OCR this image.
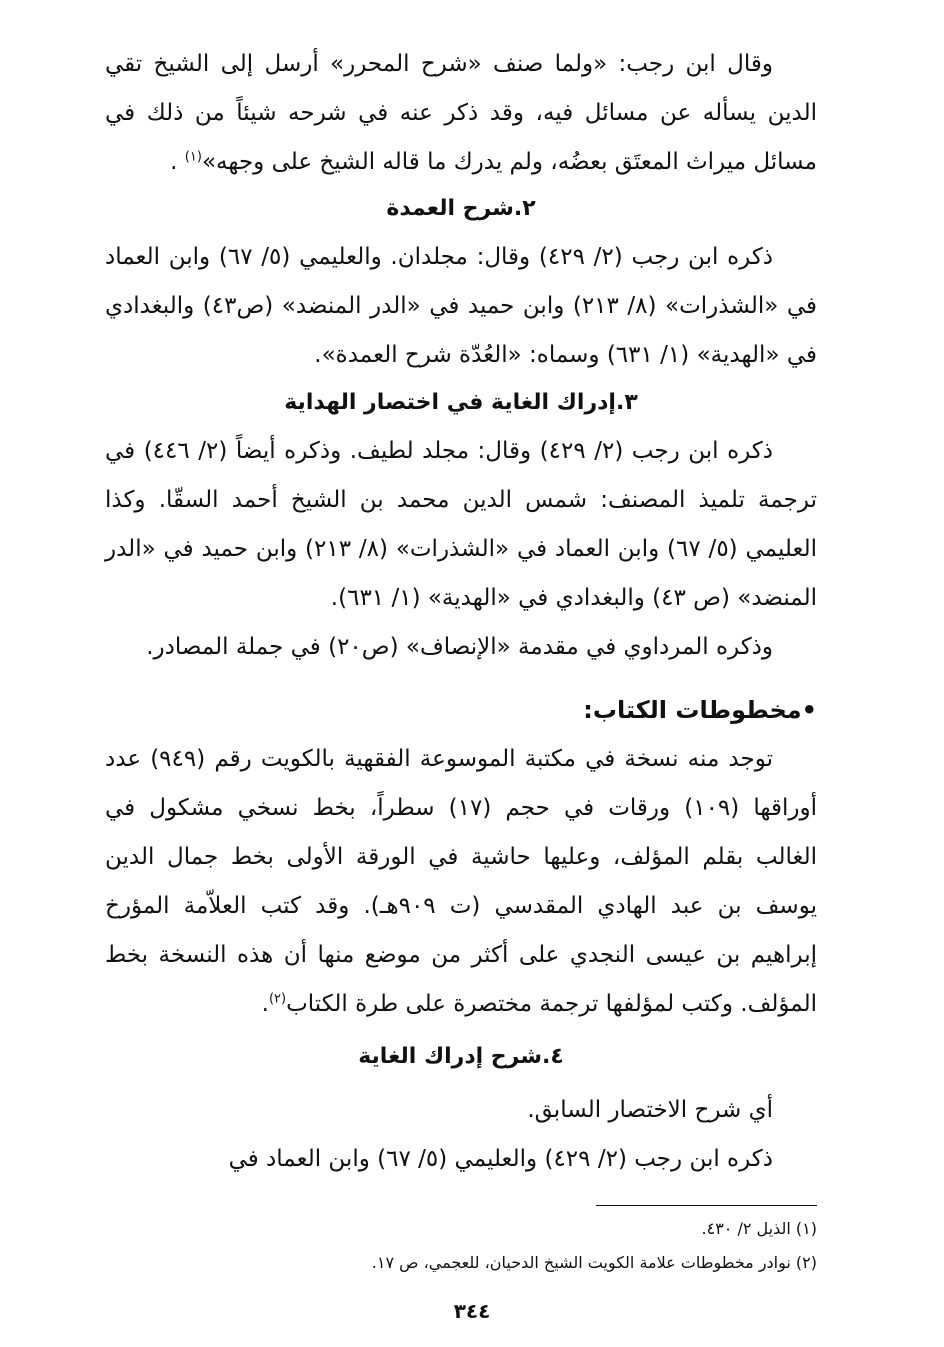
وقال ابن رجب: «ولما صنف «شرح المحرر» أرسل إلى الشيخ تقي الدين يسأله عن مسائل فيه، وقد ذكر عنه في شرحه شيئاً من ذلك في مسائل ميراث المعتَق بعضُه، ولم يدرك ما قاله الشيخ على وجهه»$^{(١)}$ .

٢.شرح العمدة

ذكره ابن رجب (٢/ ٤٢٩) وقال: مجلدان. والعليمي (٥/ ٦٧) وابن العماد في «الشذرات» (٨/ ٢١٣) وابن حميد في «الدر المنضد» (ص٤٣) والبغدادي في «الهدية» (١/ ٦٣١) وسماه: «العُدّة شرح العمدة».

٣.إدراك الغاية في اختصار الهداية

ذكره ابن رجب (٢/ ٤٢٩) وقال: مجلد لطيف. وذكره أيضاً (٢/ ٤٤٦) في ترجمة تلميذ المصنف: شمس الدين محمد بن الشيخ أحمد السقّا. وكذا العليمي (٥/ ٦٧) وابن العماد في «الشذرات» (٨/ ٢١٣) وابن حميد في «الدر المنضد» (ص ٤٣) والبغدادي في «الهدية» (١/ ٦٣١).

وذكره المرداوي في مقدمة «الإنصاف» (ص٢٠) في جملة المصادر.

•مخطوطات الكتاب:

توجد منه نسخة في مكتبة الموسوعة الفقهية بالكويت رقم (٩٤٩) عدد أوراقها (١٠٩) ورقات في حجم (١٧) سطراً، بخط نسخي مشكول في الغالب بقلم المؤلف، وعليها حاشية في الورقة الأولى بخط جمال الدين يوسف بن عبد الهادي المقدسي (ت ٩٠٩هـ). وقد كتب العلاّمة المؤرخ إبراهيم بن عيسى النجدي على أكثر من موضع منها أن هذه النسخة بخط المؤلف. وكتب لمؤلفها ترجمة مختصرة على طرة الكتاب$^{(٢)}$.

٤.شرح إدراك الغاية

أي شرح الاختصار السابق.

ذكره ابن رجب (٢/ ٤٢٩) والعليمي (٥/ ٦٧) وابن العماد في

(١) الذيل ٢/ ٤٣٠.

(٢) نوادر مخطوطات علامة الكويت الشيخ الدحيان، للعجمي، ص ١٧.

٣٤٤
